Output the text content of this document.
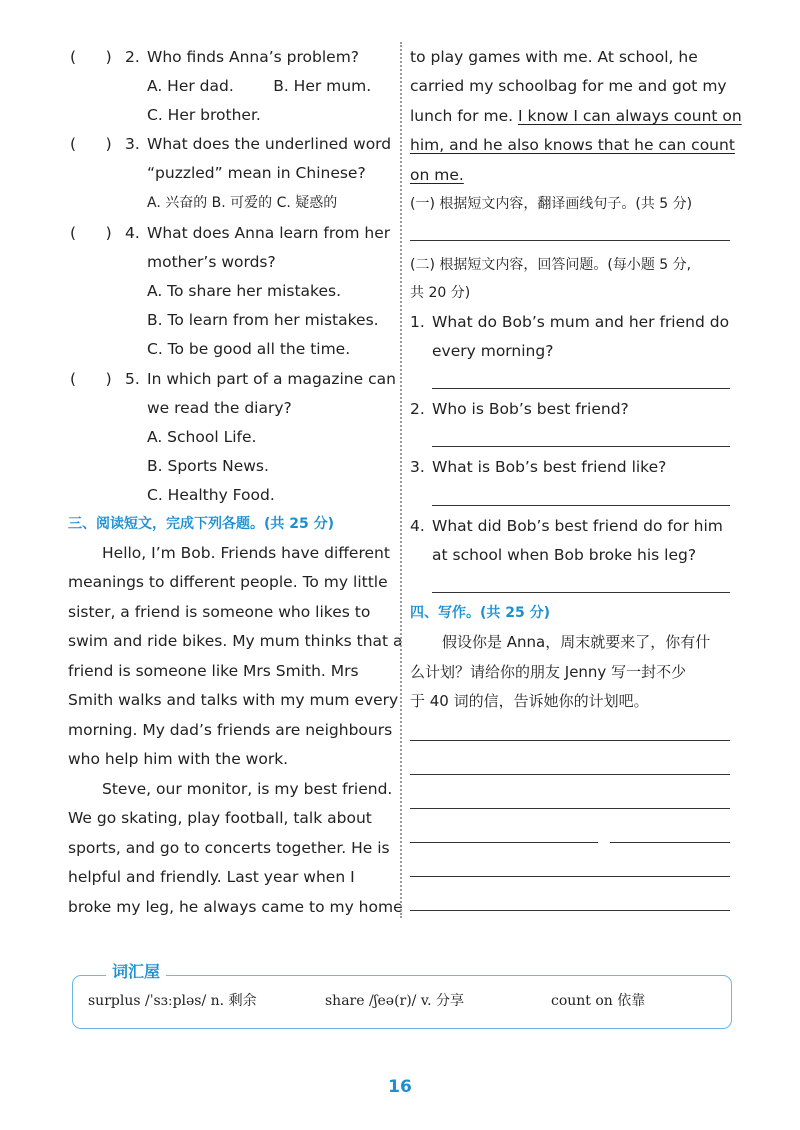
(      ) 2. Who finds Anna’s problem?
A. Her dad.        B. Her mum.
C. Her brother.
(      ) 3. What does the underlined word
“puzzled” mean in Chinese?
A. 兴奋的 B. 可爱的 C. 疑惑的
(      ) 4. What does Anna learn from her
mother’s words?
A. To share her mistakes.
B. To learn from her mistakes.
C. To be good all the time.
(      ) 5. In which part of a magazine can
we read the diary?
A. School Life.
B. Sports News.
C. Healthy Food.
三、阅读短文，完成下列各题。(共 25 分)
Hello, I’m Bob. Friends have different
meanings to different people. To my little
sister, a friend is someone who likes to
swim and ride bikes. My mum thinks that a
friend is someone like Mrs Smith. Mrs
Smith walks and talks with my mum every
morning. My dad’s friends are neighbours
who help him with the work.
Steve, our monitor, is my best friend.
We go skating, play football, talk about
sports, and go to concerts together. He is
helpful and friendly. Last year when I
broke my leg, he always came to my home
to play games with me. At school, he
carried my schoolbag for me and got my
lunch for me. I know I can always count on
him, and he also knows that he can count
on me.
(一) 根据短文内容，翻译画线句子。(共 5 分)
(二) 根据短文内容，回答问题。(每小题 5 分,
共 20 分)
1. What do Bob’s mum and her friend do
every morning?
2. Who is Bob’s best friend?
3. What is Bob’s best friend like?
4. What did Bob’s best friend do for him
at school when Bob broke his leg?
四、写作。(共 25 分)
假设你是 Anna，周末就要来了，你有什
么计划？请给你的朋友 Jenny 写一封不少
于 40 词的信，告诉她你的计划吧。
词汇屋
surplus /ˈsɜːpləs/ n. 剩余	share /ʃeə(r)/ v. 分享	count on 依靠
16
